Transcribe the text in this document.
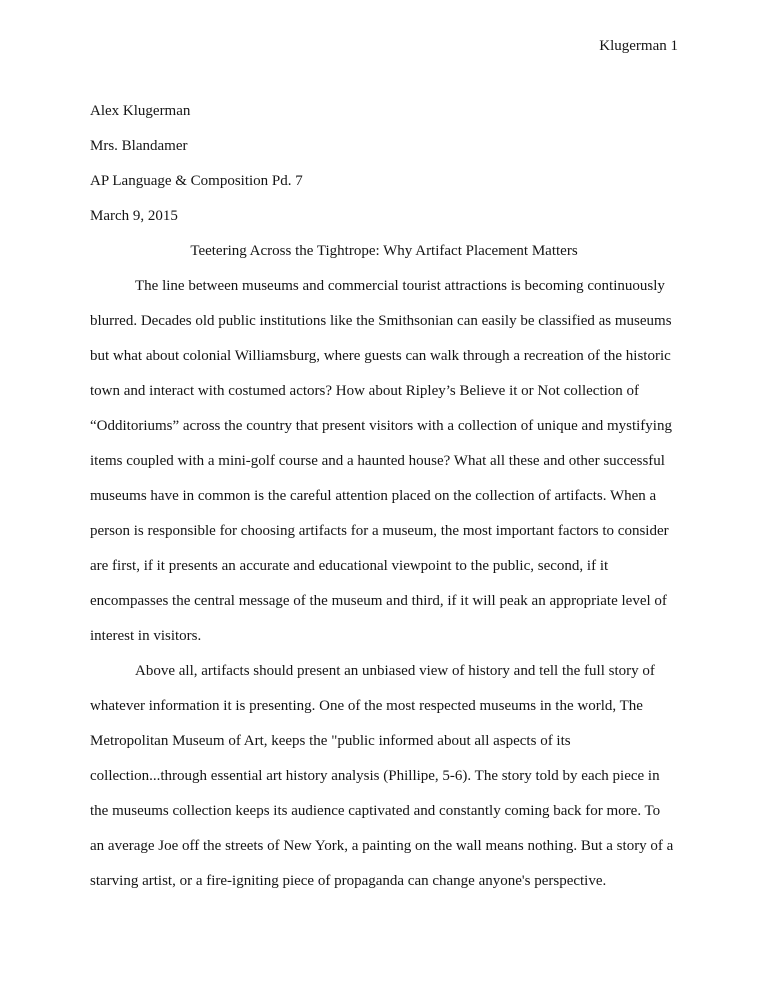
Klugerman 1

Alex Klugerman

Mrs. Blandamer

AP Language & Composition Pd. 7

March 9, 2015

Teetering Across the Tightrope: Why Artifact Placement Matters

The line between museums and commercial tourist attractions is becoming continuously blurred. Decades old public institutions like the Smithsonian can easily be classified as museums but what about colonial Williamsburg, where guests can walk through a recreation of the historic town and interact with costumed actors? How about Ripley’s Believe it or Not collection of “Odditoriums” across the country that present visitors with a collection of unique and mystifying items coupled with a mini-golf course and a haunted house? What all these and other successful museums have in common is the careful attention placed on the collection of artifacts. When a person is responsible for choosing artifacts for a museum, the most important factors to consider are first, if it presents an accurate and educational viewpoint to the public, second, if it encompasses the central message of the museum and third, if it will peak an appropriate level of interest in visitors.

Above all, artifacts should present an unbiased view of history and tell the full story of whatever information it is presenting. One of the most respected museums in the world, The Metropolitan Museum of Art, keeps the "public informed about all aspects of its collection...through essential art history analysis (Phillipe, 5-6). The story told by each piece in the museums collection keeps its audience captivated and constantly coming back for more. To an average Joe off the streets of New York, a painting on the wall means nothing. But a story of a starving artist, or a fire-igniting piece of propaganda can change anyone's perspective.
